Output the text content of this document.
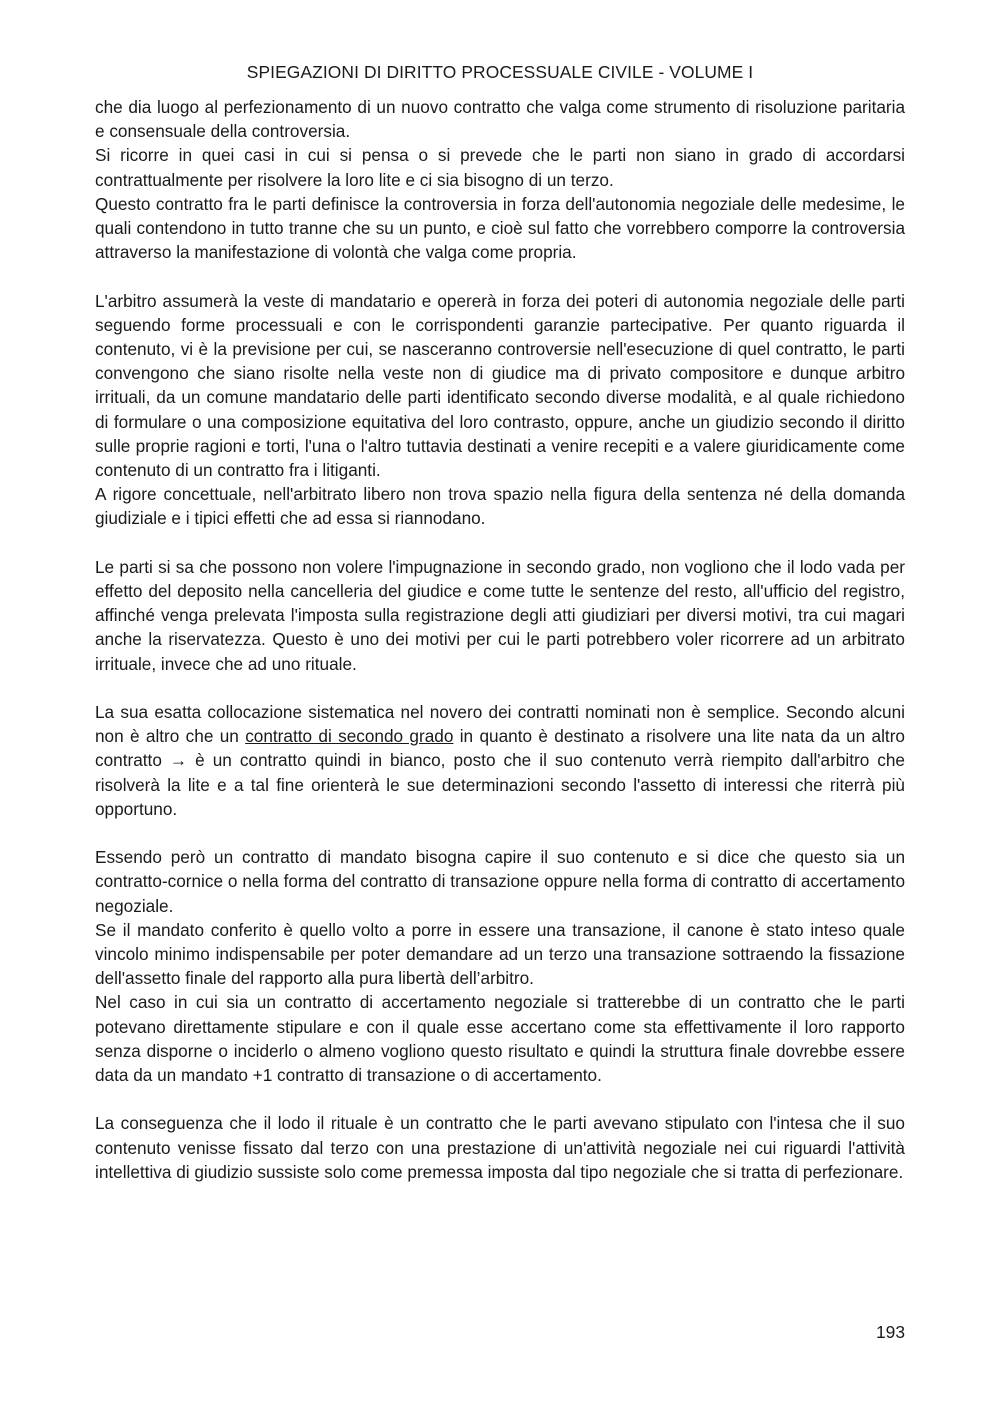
SPIEGAZIONI DI DIRITTO PROCESSUALE CIVILE - VOLUME I

che dia luogo al perfezionamento di un nuovo contratto che valga come strumento di risoluzione paritaria e consensuale della controversia.

Si ricorre in quei casi in cui si pensa o si prevede che le parti non siano in grado di accordarsi contrattualmente per risolvere la loro lite e ci sia bisogno di un terzo.

Questo contratto fra le parti definisce la controversia in forza dell'autonomia negoziale delle medesime, le quali contendono in tutto tranne che su un punto, e cioè sul fatto che vorrebbero comporre la controversia attraverso la manifestazione di volontà che valga come propria.

L'arbitro assumerà la veste di mandatario e opererà in forza dei poteri di autonomia negoziale delle parti seguendo forme processuali e con le corrispondenti garanzie partecipative. Per quanto riguarda il contenuto, vi è la previsione per cui, se nasceranno controversie nell'esecuzione di quel contratto, le parti convengono che siano risolte nella veste non di giudice ma di privato compositore e dunque arbitro irrituali, da un comune mandatario delle parti identificato secondo diverse modalità, e al quale richiedono di formulare o una composizione equitativa del loro contrasto, oppure, anche un giudizio secondo il diritto sulle proprie ragioni e torti, l'una o l'altro tuttavia destinati a venire recepiti e a valere giuridicamente come contenuto di un contratto fra i litiganti.

A rigore concettuale, nell'arbitrato libero non trova spazio nella figura della sentenza né della domanda giudiziale e i tipici effetti che ad essa si riannodano.

Le parti si sa che possono non volere l'impugnazione in secondo grado, non vogliono che il lodo vada per effetto del deposito nella cancelleria del giudice e come tutte le sentenze del resto, all'ufficio del registro, affinché venga prelevata l'imposta sulla registrazione degli atti giudiziari per diversi motivi, tra cui magari anche la riservatezza. Questo è uno dei motivi per cui le parti potrebbero voler ricorrere ad un arbitrato irrituale, invece che ad uno rituale.

La sua esatta collocazione sistematica nel novero dei contratti nominati non è semplice. Secondo alcuni non è altro che un contratto di secondo grado in quanto è destinato a risolvere una lite nata da un altro contratto → è un contratto quindi in bianco, posto che il suo contenuto verrà riempito dall'arbitro che risolverà la lite e a tal fine orienterà le sue determinazioni secondo l'assetto di interessi che riterrà più opportuno.

Essendo però un contratto di mandato bisogna capire il suo contenuto e si dice che questo sia un contratto-cornice o nella forma del contratto di transazione oppure nella forma di contratto di accertamento negoziale.

Se il mandato conferito è quello volto a porre in essere una transazione, il canone è stato inteso quale vincolo minimo indispensabile per poter demandare ad un terzo una transazione sottraendo la fissazione dell'assetto finale del rapporto alla pura libertà dell’arbitro.

Nel caso in cui sia un contratto di accertamento negoziale si tratterebbe di un contratto che le parti potevano direttamente stipulare e con il quale esse accertano come sta effettivamente il loro rapporto senza disporne o inciderlo o almeno vogliono questo risultato e quindi la struttura finale dovrebbe essere data da un mandato +1 contratto di transazione o di accertamento.

La conseguenza che il lodo il rituale è un contratto che le parti avevano stipulato con l'intesa che il suo contenuto venisse fissato dal terzo con una prestazione di un'attività negoziale nei cui riguardi l'attività intellettiva di giudizio sussiste solo come premessa imposta dal tipo negoziale che si tratta di perfezionare.

193
